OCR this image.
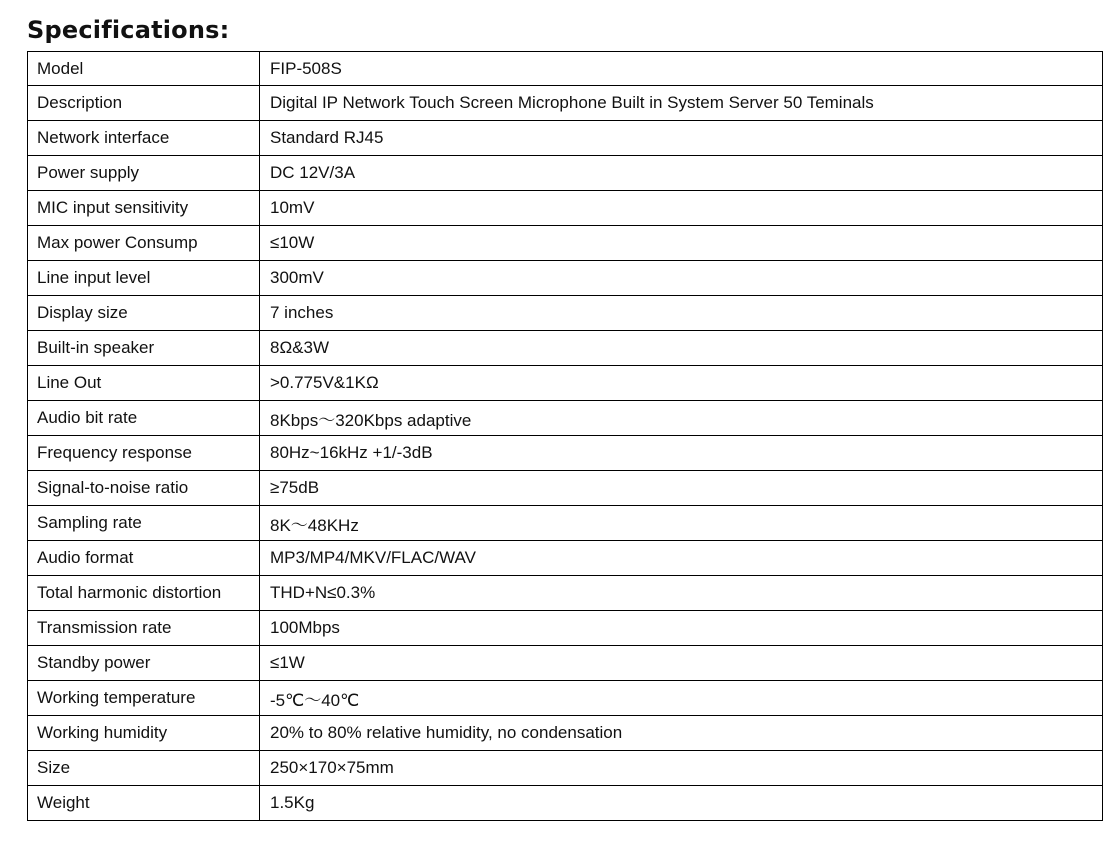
Specifications:
Model	FIP-508S
Description	Digital IP Network Touch Screen Microphone Built in System Server 50 Teminals
Network interface	Standard RJ45
Power supply	DC 12V/3A
MIC input sensitivity	10mV
Max power Consump	≤10W
Line input level	300mV
Display size	7 inches
Built-in speaker	8Ω&3W
Line Out	>0.775V&1KΩ
Audio bit rate	8Kbps～320Kbps adaptive
Frequency response	80Hz~16kHz +1/-3dB
Signal-to-noise ratio	≥75dB
Sampling rate	8K～48KHz
Audio format	MP3/MP4/MKV/FLAC/WAV
Total harmonic distortion	THD+N≤0.3%
Transmission rate	100Mbps
Standby power	≤1W
Working temperature	-5℃～40℃
Working humidity	20% to 80% relative humidity, no condensation
Size	250×170×75mm
Weight	1.5Kg
